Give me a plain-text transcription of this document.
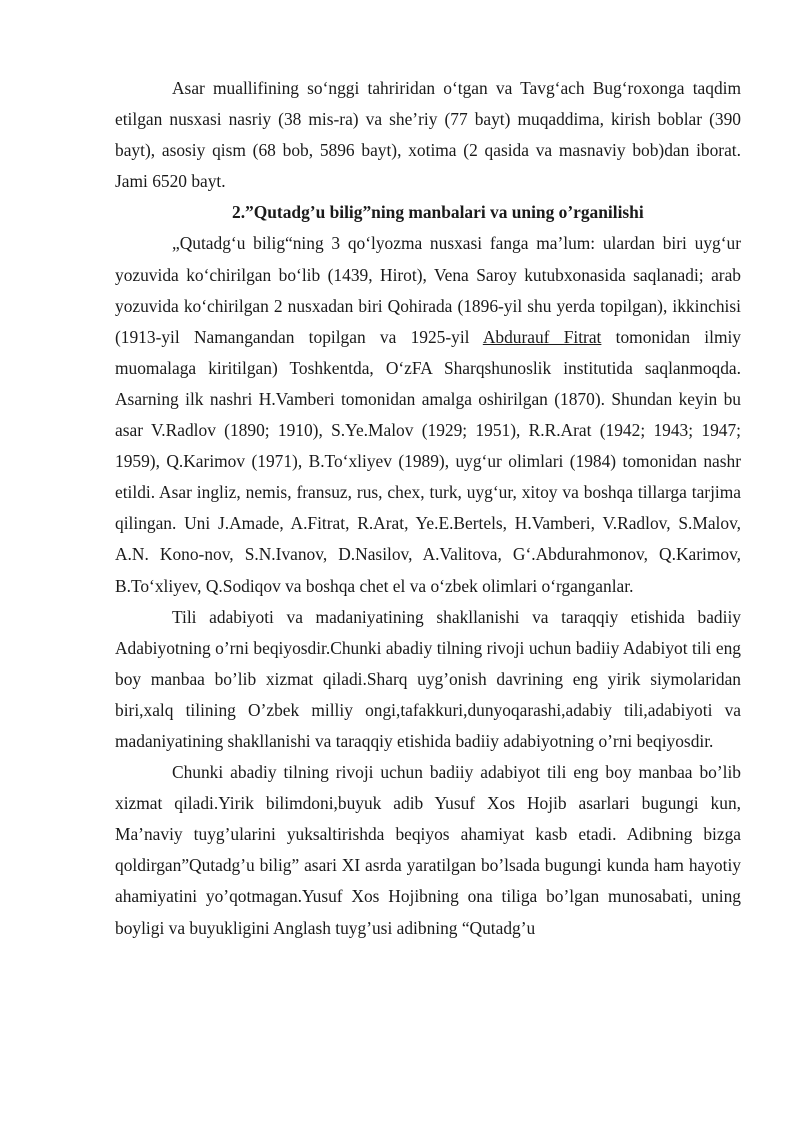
Asar muallifining so‘nggi tahriridan o‘tgan va Tavg‘ach Bug‘roxonga taqdim etilgan nusxasi nasriy (38 mis-ra) va she’riy (77 bayt) muqaddima, kirish boblar (390 bayt), asosiy qism (68 bob, 5896 bayt), xotima (2 qasida va masnaviy bob)dan iborat. Jami 6520 bayt.

2.”Qutadg’u bilig”ning manbalari va uning o’rganilishi

„Qutadg‘u bilig“ning 3 qo‘lyozma nusxasi fanga ma’lum: ulardan biri uyg‘ur yozuvida ko‘chirilgan bo‘lib (1439, Hirot), Vena Saroy kutubxonasida saqlanadi; arab yozuvida ko‘chirilgan 2 nusxadan biri Qohirada (1896-yil shu yerda topilgan), ikkinchisi (1913-yil Namangandan topilgan va 1925-yil Abdurauf Fitrat tomonidan ilmiy muomalaga kiritilgan) Toshkentda, O‘zFA Sharqshunoslik institutida saqlanmoqda. Asarning ilk nashri H.Vamberi tomonidan amalga oshirilgan (1870). Shundan keyin bu asar V.Radlov (1890; 1910), S.Ye.Malov (1929; 1951), R.R.Arat (1942; 1943; 1947; 1959), Q.Karimov (1971), B.To‘xliyev (1989), uyg‘ur olimlari (1984) tomonidan nashr etildi. Asar ingliz, nemis, fransuz, rus, chex, turk, uyg‘ur, xitoy va boshqa tillarga tarjima qilingan. Uni J.Amade, A.Fitrat, R.Arat, Ye.E.Bertels, H.Vamberi, V.Radlov, S.Malov, A.N. Kono-nov, S.N.Ivanov, D.Nasilov, A.Valitova, G‘.Abdurahmonov, Q.Karimov, B.To‘xliyev, Q.Sodiqov va boshqa chet el va o‘zbek olimlari o‘rganganlar.

Tili adabiyoti va madaniyatining shakllanishi va taraqqiy etishida badiiy Adabiyotning o’rni beqiyosdir.Chunki abadiy tilning rivoji uchun badiiy Adabiyot tili eng boy manbaa bo’lib xizmat qiladi.Sharq uyg’onish davrining eng yirik siymolaridan biri,xalq tilining O’zbek milliy ongi,tafakkuri,dunyoqarashi,adabiy tili,adabiyoti va madaniyatining shakllanishi va taraqqiy etishida badiiy adabiyotning o’rni beqiyosdir.

Chunki abadiy tilning rivoji uchun badiiy adabiyot tili eng boy manbaa bo’lib xizmat qiladi.Yirik bilimdoni,buyuk adib Yusuf Xos Hojib asarlari bugungi kun, Ma’naviy tuyg’ularini yuksaltirishda beqiyos ahamiyat kasb etadi. Adibning bizga qoldirgan”Qutadg’u bilig” asari XI asrda yaratilgan bo’lsada bugungi kunda ham hayotiy ahamiyatini yo’qotmagan.Yusuf Xos Hojibning ona tiliga bo’lgan munosabati, uning boyligi va buyukligini Anglash tuyg’usi adibning “Qutadg’u
